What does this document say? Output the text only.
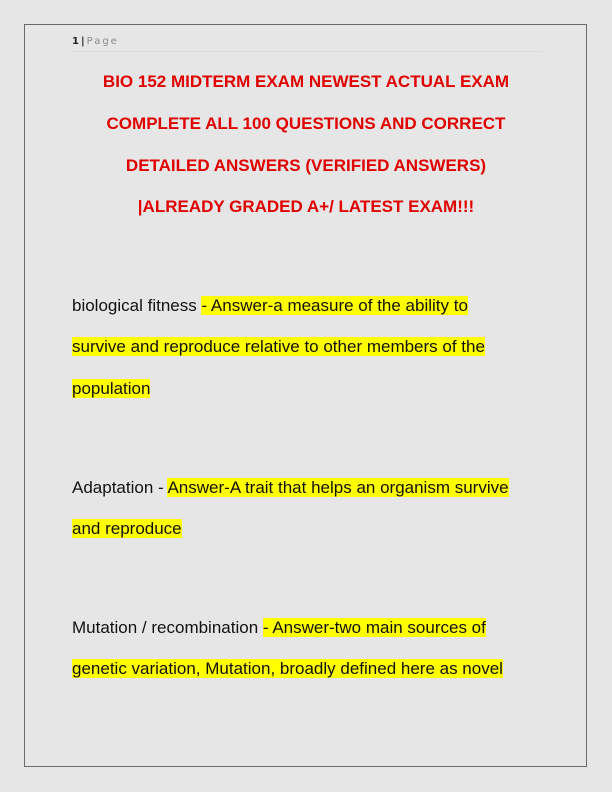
1 | Page
BIO 152 MIDTERM EXAM NEWEST ACTUAL EXAM
COMPLETE ALL 100 QUESTIONS AND CORRECT
DETAILED ANSWERS (VERIFIED ANSWERS)
|ALREADY GRADED A+/ LATEST EXAM!!!
biological fitness - Answer-a measure of the ability to
survive and reproduce relative to other members of the
population
Adaptation - Answer-A trait that helps an organism survive
and reproduce
Mutation / recombination - Answer-two main sources of
genetic variation, Mutation, broadly defined here as novel
